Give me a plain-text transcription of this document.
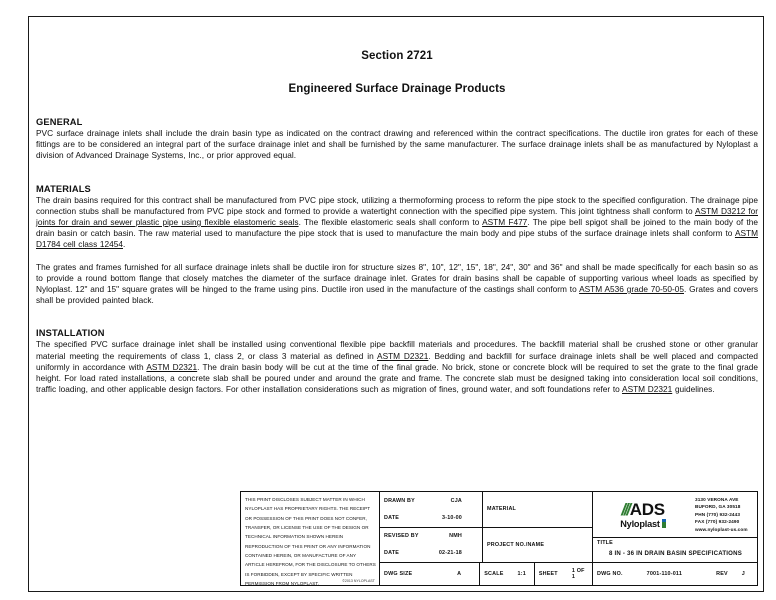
Section 2721
Engineered Surface Drainage Products
GENERAL

PVC surface drainage inlets shall include the drain basin type as indicated on the contract drawing and referenced within the contract specifications. The ductile iron grates for each of these fittings are to be considered an integral part of the surface drainage inlet and shall be furnished by the same manufacturer. The surface drainage inlets shall be as manufactured by Nyloplast a division of Advanced Drainage Systems, Inc., or prior approved equal.

MATERIALS

The drain basins required for this contract shall be manufactured from PVC pipe stock, utilizing a thermoforming process to reform the pipe stock to the specified configuration. The drainage pipe connection stubs shall be manufactured from PVC pipe stock and formed to provide a watertight connection with the specified pipe system. This joint tightness shall conform to ASTM D3212 for joints for drain and sewer plastic pipe using flexible elastomeric seals. The flexible elastomeric seals shall conform to ASTM F477. The pipe bell spigot shall be joined to the main body of the drain basin or catch basin. The raw material used to manufacture the pipe stock that is used to manufacture the main body and pipe stubs of the surface drainage inlets shall conform to ASTM D1784 cell class 12454.

The grates and frames furnished for all surface drainage inlets shall be ductile iron for structure sizes 8", 10", 12", 15", 18", 24", 30" and 36" and shall be made specifically for each basin so as to provide a round bottom flange that closely matches the diameter of the surface drainage inlet. Grates for drain basins shall be capable of supporting various wheel loads as specified by Nyloplast. 12" and 15" square grates will be hinged to the frame using pins. Ductile iron used in the manufacture of the castings shall conform to ASTM A536 grade 70-50-05. Grates and covers shall be provided painted black.

INSTALLATION

The specified PVC surface drainage inlet shall be installed using conventional flexible pipe backfill materials and procedures. The backfill material shall be crushed stone or other granular material meeting the requirements of class 1, class 2, or class 3 material as defined in ASTM D2321. Bedding and backfill for surface drainage inlets shall be well placed and compacted uniformly in accordance with ASTM D2321. The drain basin body will be cut at the time of the final grade. No brick, stone or concrete block will be required to set the grate to the final grade height. For load rated installations, a concrete slab shall be poured under and around the grate and frame. The concrete slab must be designed taking into consideration local soil conditions, traffic loading, and other applicable design factors. For other installation considerations such as migration of fines, ground water, and soft foundations refer to ASTM D2321 guidelines.

THIS PRINT DISCLOSES SUBJECT MATTER IN WHICH
NYLOPLAST HAS PROPRIETARY RIGHTS. THE RECEIPT
OR POSSESSION OF THIS PRINT DOES NOT CONFER,
TRANSFER, OR LICENSE THE USE OF THE DESIGN OR
TECHNICAL INFORMATION SHOWN HEREIN
REPRODUCTION OF THIS PRINT OR ANY INFORMATION
CONTAINED HEREIN, OR MANUFACTURE OF ANY
ARTICLE HEREFROM, FOR THE DISCLOSURE TO OTHERS
IS FORBIDDEN, EXCEPT BY SPECIFIC WRITTEN
PERMISSION FROM NYLOPLAST.
©2013 NYLOPLAST
DRAWN BY	CJA
DATE	3-10-00
MATERIAL
REVISED BY	NMH
DATE	02-21-18
PROJECT NO./NAME
DWG SIZE	A	SCALE	1:1 SHEET	1 OF 1
/// ADS
Nyloplast
3130 VERONA AVE
BUFORD, GA 30518
PHN (770) 932-2443
FAX (770) 932-2490
www.nyloplast-us.com
TITLE
8 IN - 36 IN DRAIN BASIN SPECIFICATIONS
DWG NO.	7001-110-011	REV	J
